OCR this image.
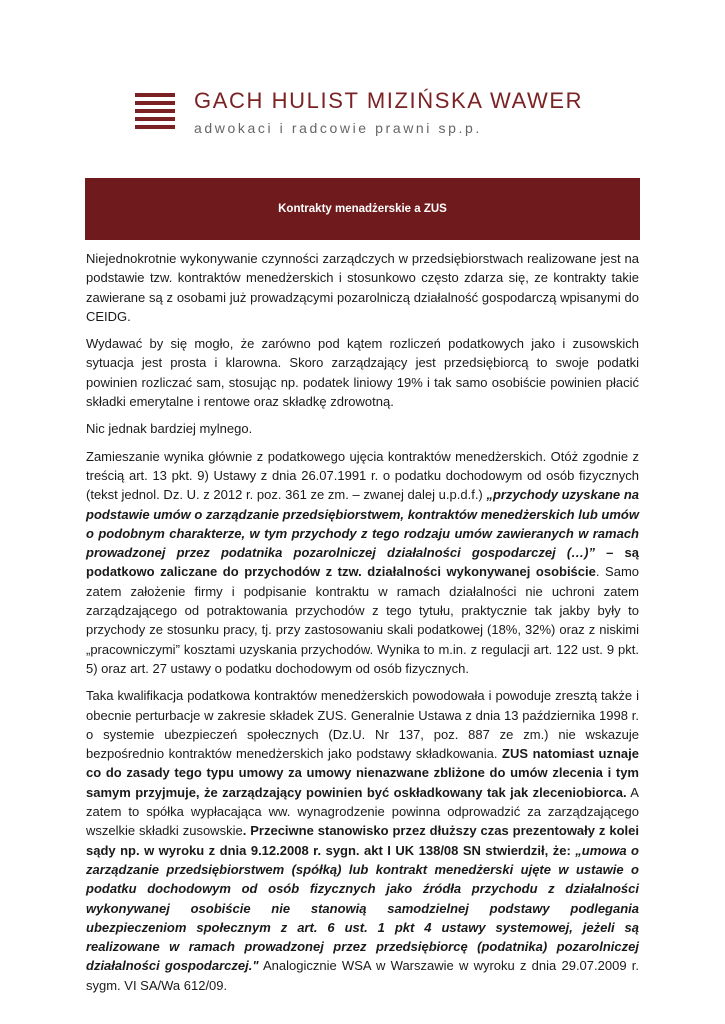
GACH HULIST MIZIŃSKA WAWER
adwokaci i radcowie prawni sp.p.
Kontrakty menadżerskie a ZUS

Niejednokrotnie wykonywanie czynności zarządczych w przedsiębiorstwach realizowane jest na podstawie tzw. kontraktów menedżerskich i stosunkowo często zdarza się, ze kontrakty takie zawierane są z osobami już prowadzącymi pozarolniczą działalność gospodarczą wpisanymi do CEIDG.

Wydawać by się mogło, że zarówno pod kątem rozliczeń podatkowych jako i zusowskich sytuacja jest prosta i klarowna. Skoro zarządzający jest przedsiębiorcą to swoje podatki powinien rozliczać sam, stosując np. podatek liniowy 19% i tak samo osobiście powinien płacić składki emerytalne i rentowe oraz składkę zdrowotną.

Nic jednak bardziej mylnego.

Zamieszanie wynika głównie z podatkowego ujęcia kontraktów menedżerskich. Otóż zgodnie z treścią art. 13 pkt. 9) Ustawy z dnia 26.07.1991 r. o podatku dochodowym od osób fizycznych (tekst jednol. Dz. U. z 2012 r. poz. 361 ze zm. – zwanej dalej u.p.d.f.) „przychody uzyskane na podstawie umów o zarządzanie przedsiębiorstwem, kontraktów menedżerskich lub umów o podobnym charakterze, w tym przychody z tego rodzaju umów zawieranych w ramach prowadzonej przez podatnika pozarolniczej działalności gospodarczej (…)” – są podatkowo zaliczane do przychodów z tzw. działalności wykonywanej osobiście. Samo zatem założenie firmy i podpisanie kontraktu w ramach działalności nie uchroni zatem zarządzającego od potraktowania przychodów z tego tytułu, praktycznie tak jakby były to przychody ze stosunku pracy, tj. przy zastosowaniu skali podatkowej (18%, 32%) oraz z niskimi „pracowniczymi” kosztami uzyskania przychodów. Wynika to m.in. z regulacji art. 122 ust. 9 pkt. 5) oraz art. 27 ustawy o podatku dochodowym od osób fizycznych.

Taka kwalifikacja podatkowa kontraktów menedżerskich powodowała i powoduje zresztą także i obecnie perturbacje w zakresie składek ZUS. Generalnie Ustawa z dnia 13 października 1998 r. o systemie ubezpieczeń społecznych (Dz.U. Nr 137, poz. 887 ze zm.) nie wskazuje bezpośrednio kontraktów menedżerskich jako podstawy składkowania. ZUS natomiast uznaje co do zasady tego typu umowy za umowy nienazwane zbliżone do umów zlecenia i tym samym przyjmuje, że zarządzający powinien być oskładkowany tak jak zleceniobiorca. A zatem to spółka wypłacająca ww. wynagrodzenie powinna odprowadzić za zarządzającego wszelkie składki zusowskie. Przeciwne stanowisko przez dłuższy czas prezentowały z kolei sądy np. w wyroku z dnia 9.12.2008 r. sygn. akt I UK 138/08 SN stwierdził, że: „umowa o zarządzanie przedsiębiorstwem (spółką) lub kontrakt menedżerski ujęte w ustawie o podatku dochodowym od osób fizycznych jako źródła przychodu z działalności wykonywanej osobiście nie stanowią samodzielnej podstawy podlegania ubezpieczeniom społecznym z art. 6 ust. 1 pkt 4 ustawy systemowej, jeżeli są realizowane w ramach prowadzonej przez przedsiębiorcę (podatnika) pozarolniczej działalności gospodarczej." Analogicznie WSA w Warszawie w wyroku z dnia 29.07.2009 r. sygm. VI SA/Wa 612/09.
